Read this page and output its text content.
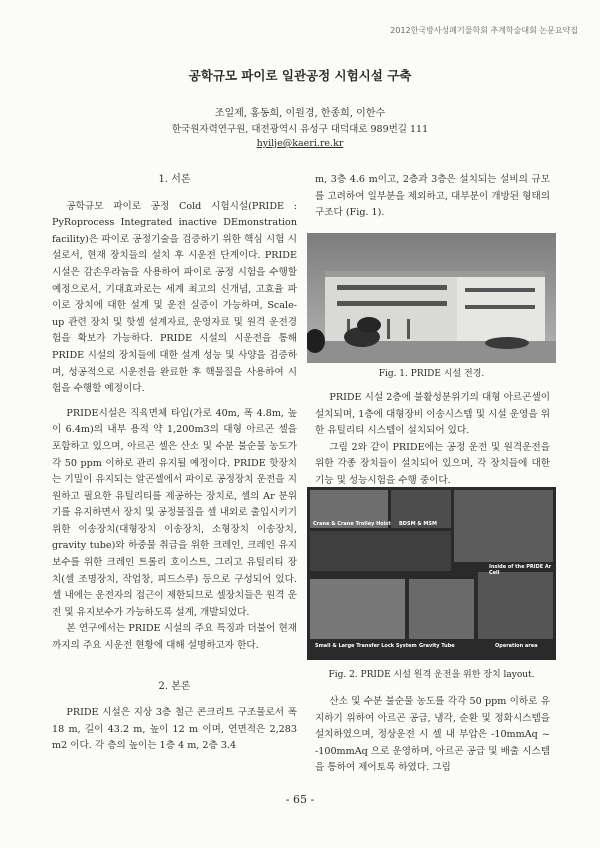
2012한국방사성폐기물학회 추계학술대회 논문요약집
공학규모 파이로 일관공정 시험시설 구축
조일제, 홍동희, 이원경, 한종희, 이한수
한국원자력연구원, 대전광역시 유성구 대덕대로 989번길 111
hyilje@kaeri.re.kr

1. 서론

공학규모 파이로 공정 Cold 시험시설(PRIDE : PyRoprocess Integrated inactive DEmonstration facility)은 파이로 공정기술을 검증하기 위한 핵심 시험 시설로서, 현재 장치들의 설치 후 시운전 단계이다. PRIDE 시설은 감손우라늄을 사용하여 파이로 공정 시험을 수행할 예정으로서, 기대효과로는 세계 최고의 신개념, 고효율 파이로 장치에 대한 설계 및 운전 실증이 가능하며, Scale-up 관련 장치 및 핫셀 설계자료, 운영자료 및 원격 운전경험을 확보가 가능하다. PRIDE 시설의 시운전을 통해 PRIDE 시설의 장치들에 대한 설계 성능 및 사양을 검증하며, 성공적으로 시운전을 완료한 후 핵물질을 사용하여 시험을 수행할 예정이다.

PRIDE시설은 직육면체 타입(가로 40m, 폭 4.8m, 높이 6.4m)의 내부 용적 약 1,200m3의 대형 아르곤 셀을 포함하고 있으며, 아르곤 셀은 산소 및 수분 불순물 농도가 각 50 ppm 이하로 관리 유지될 예정이다. PRIDE 핫장치는 기밀이 유지되는 알곤셀에서 파이로 공정장치 운전을 지원하고 필요한 유틸리티를 제공하는 장치로, 셀의 Ar 분위기를 유지하면서 장치 및 공정물질을 셀 내외로 출입시키기 위한 이송장치(대형장치 이송장치, 소형장치 이송장치, gravity tube)와 하중물 취급을 위한 크레인, 크레인 유지보수를 위한 크레인 트롤리 호이스트, 그리고 유틸리티 장치(셀 조명장치, 작업창, 피드스루) 등으로 구성되어 있다. 셀 내에는 운전자의 접근이 제한되므로 셀장치들은 원격 운전 및 유지보수가 가능하도록 설계, 개발되었다.

본 연구에서는 PRIDE 시설의 주요 특징과 더불어 현재까지의 주요 시운전 현황에 대해 설명하고자 한다.

2. 본론

PRIDE 시설은 지상 3층 철근 콘크리트 구조물로서 폭 18 m, 길이 43.2 m, 높이 12 m 이며, 연면적은 2,283 m2 이다. 각 층의 높이는 1층 4 m, 2층 3.4

m, 3층 4.6 m이고, 2층과 3층은 설치되는 설비의 규모를 고려하여 일부분을 제외하고, 대부분이 개방된 형태의 구조다 (Fig. 1).

Fig. 1. PRIDE 시설 전경.

PRIDE 시설 2층에 불활성분위기의 대형 아르곤셀이 설치되며, 1층에 대형장비 이송시스템 및 시설 운영을 위한 유틸리티 시스템이 설치되어 있다.

그림 2와 같이 PRIDE에는 공정 운전 및 원격운전을 위한 각종 장치들이 설치되어 있으며, 각 장치들에 대한 기능 및 성능시험을 수행 중이다.

Crane & Crane Trolley Hoist BDSM & MSM
Inside of the PRIDE Ar Cell
Small & Large Transfer Lock System Gravity Tube	Operation area
Fig. 2. PRIDE 시설 원격 운전을 위한 장치 layout.

산소 및 수분 불순물 농도를 각각 50 ppm 이하로 유지하기 위하여 아르곤 공급, 냉각, 순환 및 정화시스템을 설치하였으며, 정상운전 시 셀 내 부압은 -10mmAq ~ -100mmAq 으로 운영하며, 아르곤 공급 및 배출 시스템을 통하여 제어토록 하였다. 그림

- 65 -
